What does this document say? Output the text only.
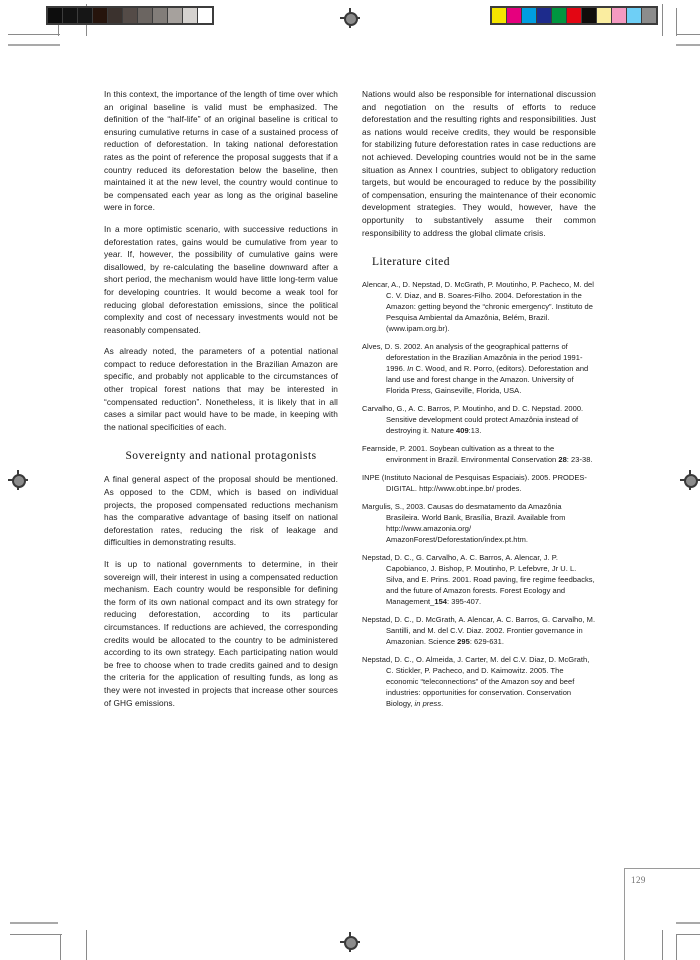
In this context, the importance of the length of time over which an original baseline is valid must be emphasized. The definition of the “half-life” of an original baseline is critical to ensuring cumulative returns in case of a sustained process of reduction of deforestation. In taking national deforestation rates as the point of reference the proposal suggests that if a country reduced its deforestation below the baseline, then maintained it at the new level, the country would continue to be compensated each year as long as the original baseline were in force.

In a more optimistic scenario, with successive reductions in deforestation rates, gains would be cumulative from year to year. If, however, the possibility of cumulative gains were disallowed, by re-calculating the baseline downward after a short period, the mechanism would have little long-term value for developing countries. It would become a weak tool for reducing global deforestation emissions, since the political complexity and cost of necessary investments would not be reasonably compensated.

As already noted, the parameters of a potential national compact to reduce deforestation in the Brazilian Amazon are specific, and probably not applicable to the circumstances of other tropical forest nations that may be interested in “compensated reduction”. Nonetheless, it is likely that in all cases a similar pact would have to be made, in keeping with the national specificities of each.

Sovereignty and national protagonists

A final general aspect of the proposal should be mentioned. As opposed to the CDM, which is based on individual projects, the proposed compensated reductions mechanism has the comparative advantage of basing itself on national deforestation rates, reducing the risk of leakage and difficulties in demonstrating results.

It is up to national governments to determine, in their sovereign will, their interest in using a compensated reduction mechanism. Each country would be responsible for defining the form of its own national compact and its own strategy for reducing deforestation, according to its particular circumstances. If reductions are achieved, the corresponding credits would be allocated to the country to be administered according to its own strategy. Each participating nation would be free to choose when to trade credits gained and to design the criteria for the application of resulting funds, as long as they were not invested in projects that increase other sources of GHG emissions.

Nations would also be responsible for international discussion and negotiation on the results of efforts to reduce deforestation and the resulting rights and responsibilities. Just as nations would receive credits, they would be responsible for stabilizing future deforestation rates in case reductions are not achieved. Developing countries would not be in the same situation as Annex I countries, subject to obligatory reduction targets, but would be encouraged to reduce by the possibility of compensation, ensuring the maintenance of their economic development strategies. They would, however, have the opportunity to substantively assume their common responsibility to address the global climate crisis.

Literature cited

Alencar, A., D. Nepstad, D. McGrath, P. Moutinho, P. Pacheco, M. del C. V. Diaz, and B. Soares-Filho. 2004. Deforestation in the Amazon: getting beyond the “chronic emergency”. Instituto de Pesquisa Ambiental da Amazônia, Belém, Brazil. (www.ipam.org.br).

Alves, D. S. 2002. An analysis of the geographical patterns of deforestation in the Brazilian Amazônia in the period 1991-1996. In C. Wood, and R. Porro, (editors). Deforestation and land use and forest change in the Amazon. University of Florida Press, Gainseville, Florida, USA.

Carvalho, G., A. C. Barros, P. Moutinho, and D. C. Nepstad. 2000. Sensitive development could protect Amazônia instead of destroying it. Nature 409:13.

Fearnside, P. 2001. Soybean cultivation as a threat to the environment in Brazil. Environmental Conservation 28: 23-38.

INPE (Instituto Nacional de Pesquisas Espaciais). 2005. PRODES-DIGITAL. http://www.obt.inpe.br/ prodes.

Margulis, S., 2003. Causas do desmatamento da Amazônia Brasileira. World Bank, Brasília, Brazil. Available from http://www.amazonia.org/ AmazonForest/Deforestation/index.pt.htm.

Nepstad, D. C., G. Carvalho, A. C. Barros, A. Alencar, J. P. Capobianco, J. Bishop, P. Moutinho, P. Lefebvre, Jr U. L. Silva, and E. Prins. 2001. Road paving, fire regime feedbacks, and the future of Amazon forests. Forest Ecology and Management_154: 395-407.

Nepstad, D. C., D. McGrath, A. Alencar, A. C. Barros, G. Carvalho, M. Santilli, and M. del C.V. Diaz. 2002. Frontier governance in Amazonian. Science 295: 629-631.

Nepstad, D. C., O. Almeida, J. Carter, M. del C.V. Diaz, D. McGrath, C. Stickler, P. Pacheco, and D. Kaimowitz. 2005. The economic “teleconnections” of the Amazon soy and beef industries: opportunities for conservation. Conservation Biology, in press.

129
